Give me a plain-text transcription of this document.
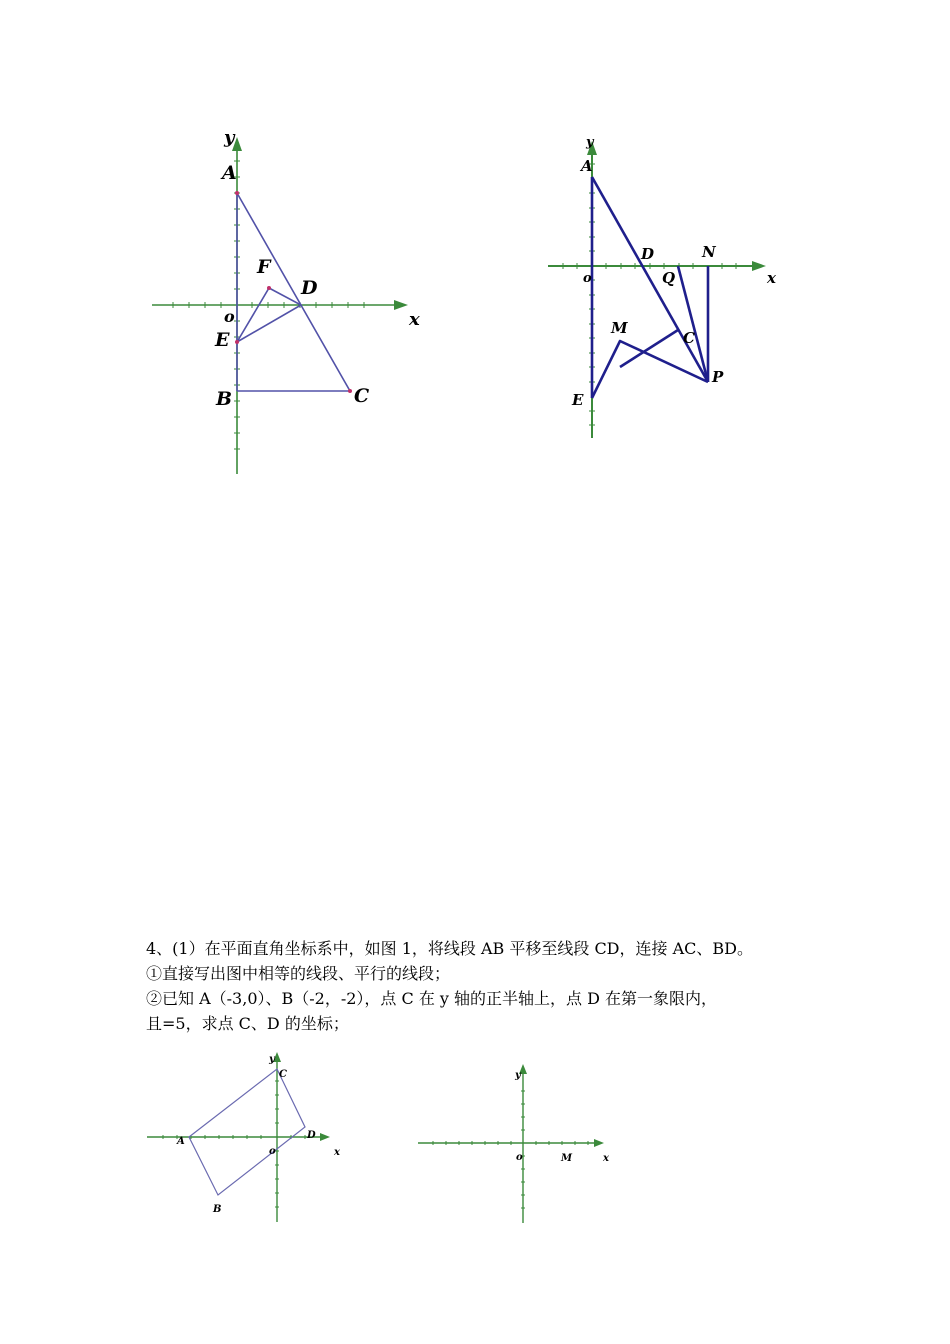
y
x
o
A
F
D
E
B	C
y
x
o
A
D	N
Q
M
C
P
E

4、(1）在平面直角坐标系中，如图 1，将线段 AB 平移至线段 CD，连接 AC、BD。

①直接写出图中相等的线段、平行的线段；

②已知 A（-3,0）、B（-2，-2），点 C 在 y 轴的正半轴上，点 D 在第一象限内，

且=5，求点 C、D 的坐标；

y
x
o
A
C
D
B
y
x
o	M
